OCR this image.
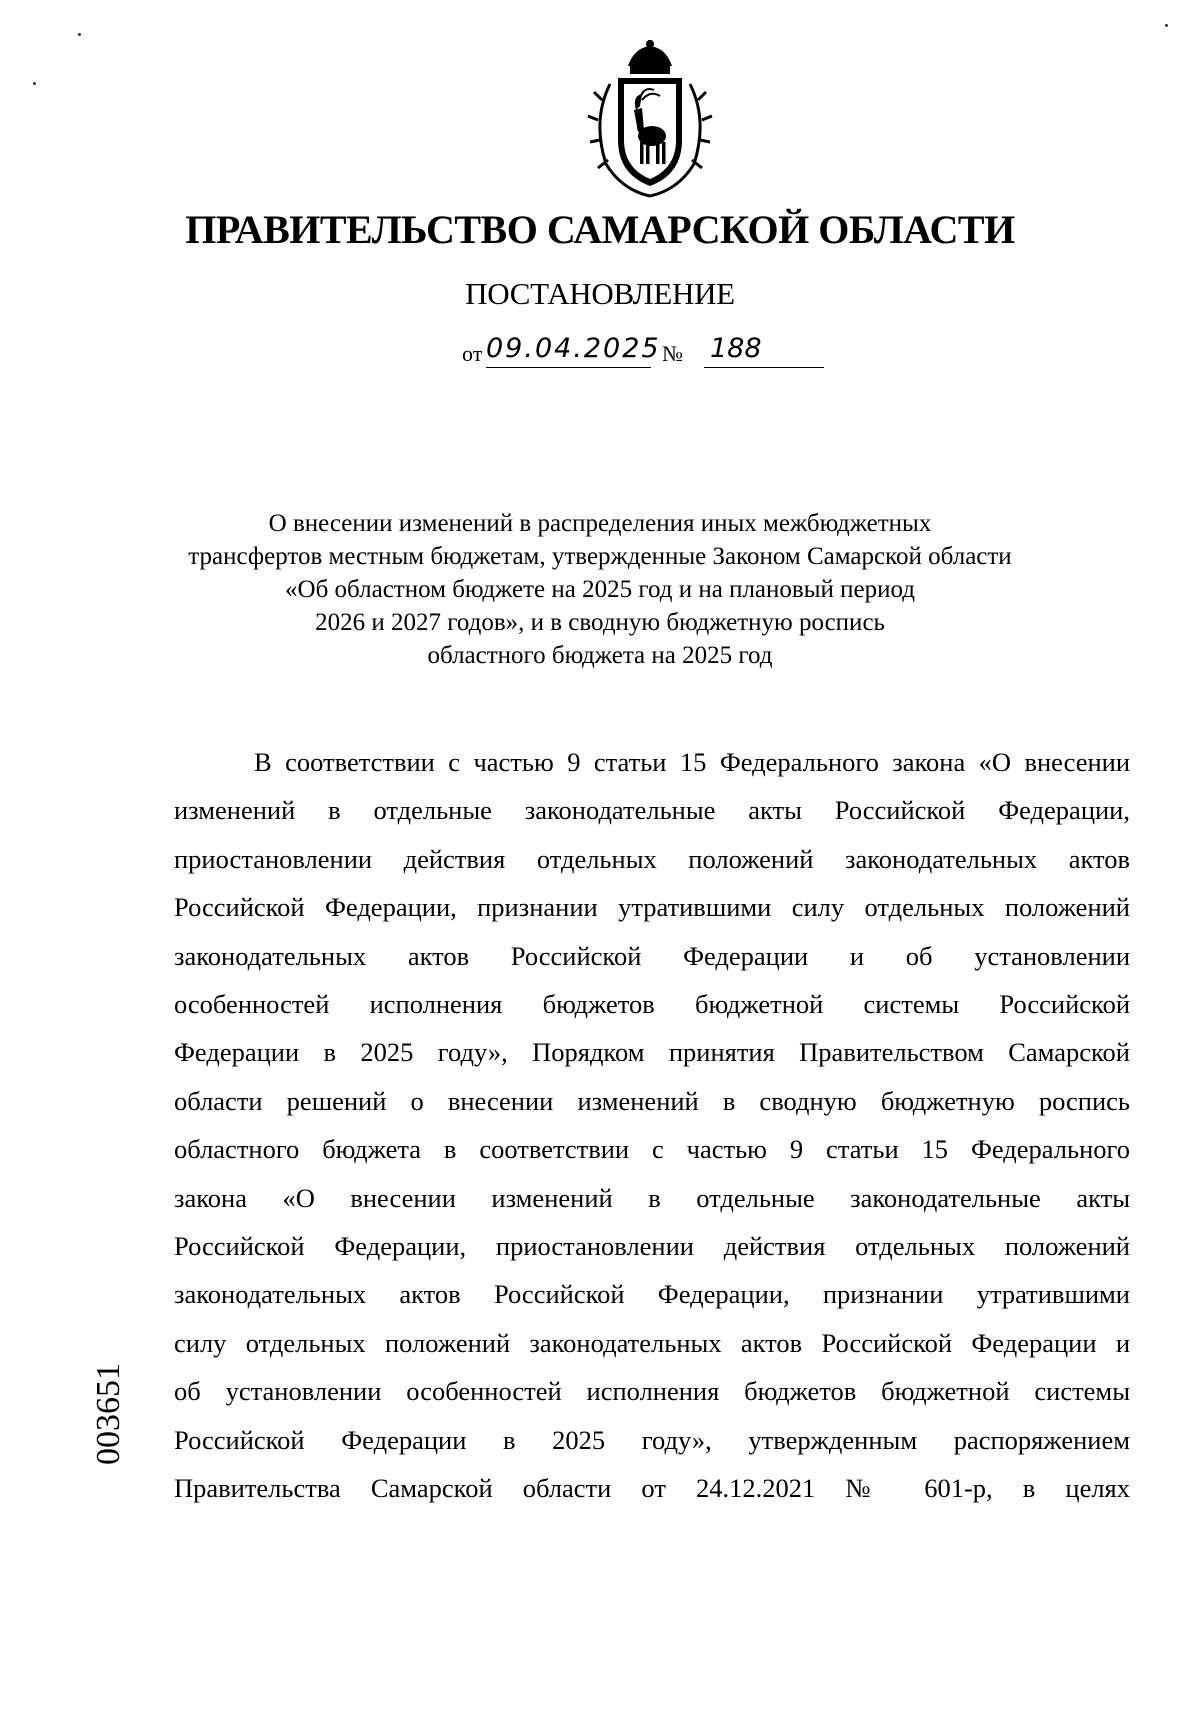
ПРАВИТЕЛЬСТВО САМАРСКОЙ ОБЛАСТИ
ПОСТАНОВЛЕНИЕ
от 09.04.2025 № 188
О внесении изменений в распределения иных межбюджетных
трансфертов местным бюджетам, утвержденные Законом Самарской области
«Об областном бюджете на 2025 год и на плановый период
2026 и 2027 годов», и в сводную бюджетную роспись
областного бюджета на 2025 год
В соответствии с частью 9 статьи 15 Федерального закона «О внесении
изменений в отдельные законодательные акты Российской Федерации,
приостановлении действия отдельных положений законодательных актов
Российской Федерации, признании утратившими силу отдельных положений
законодательных актов Российской Федерации и об установлении
особенностей исполнения бюджетов бюджетной системы Российской
Федерации в 2025 году», Порядком принятия Правительством Самарской
области решений о внесении изменений в сводную бюджетную роспись
областного бюджета в соответствии с частью 9 статьи 15 Федерального
закона «О внесении изменений в отдельные законодательные акты
Российской Федерации, приостановлении действия отдельных положений
законодательных актов Российской Федерации, признании утратившими
силу отдельных положений законодательных актов Российской Федерации и
об установлении особенностей исполнения бюджетов бюджетной системы
Российской Федерации в 2025 году», утвержденным распоряжением
Правительства Самарской области от 24.12.2021 № 601-р, в целях
003651
